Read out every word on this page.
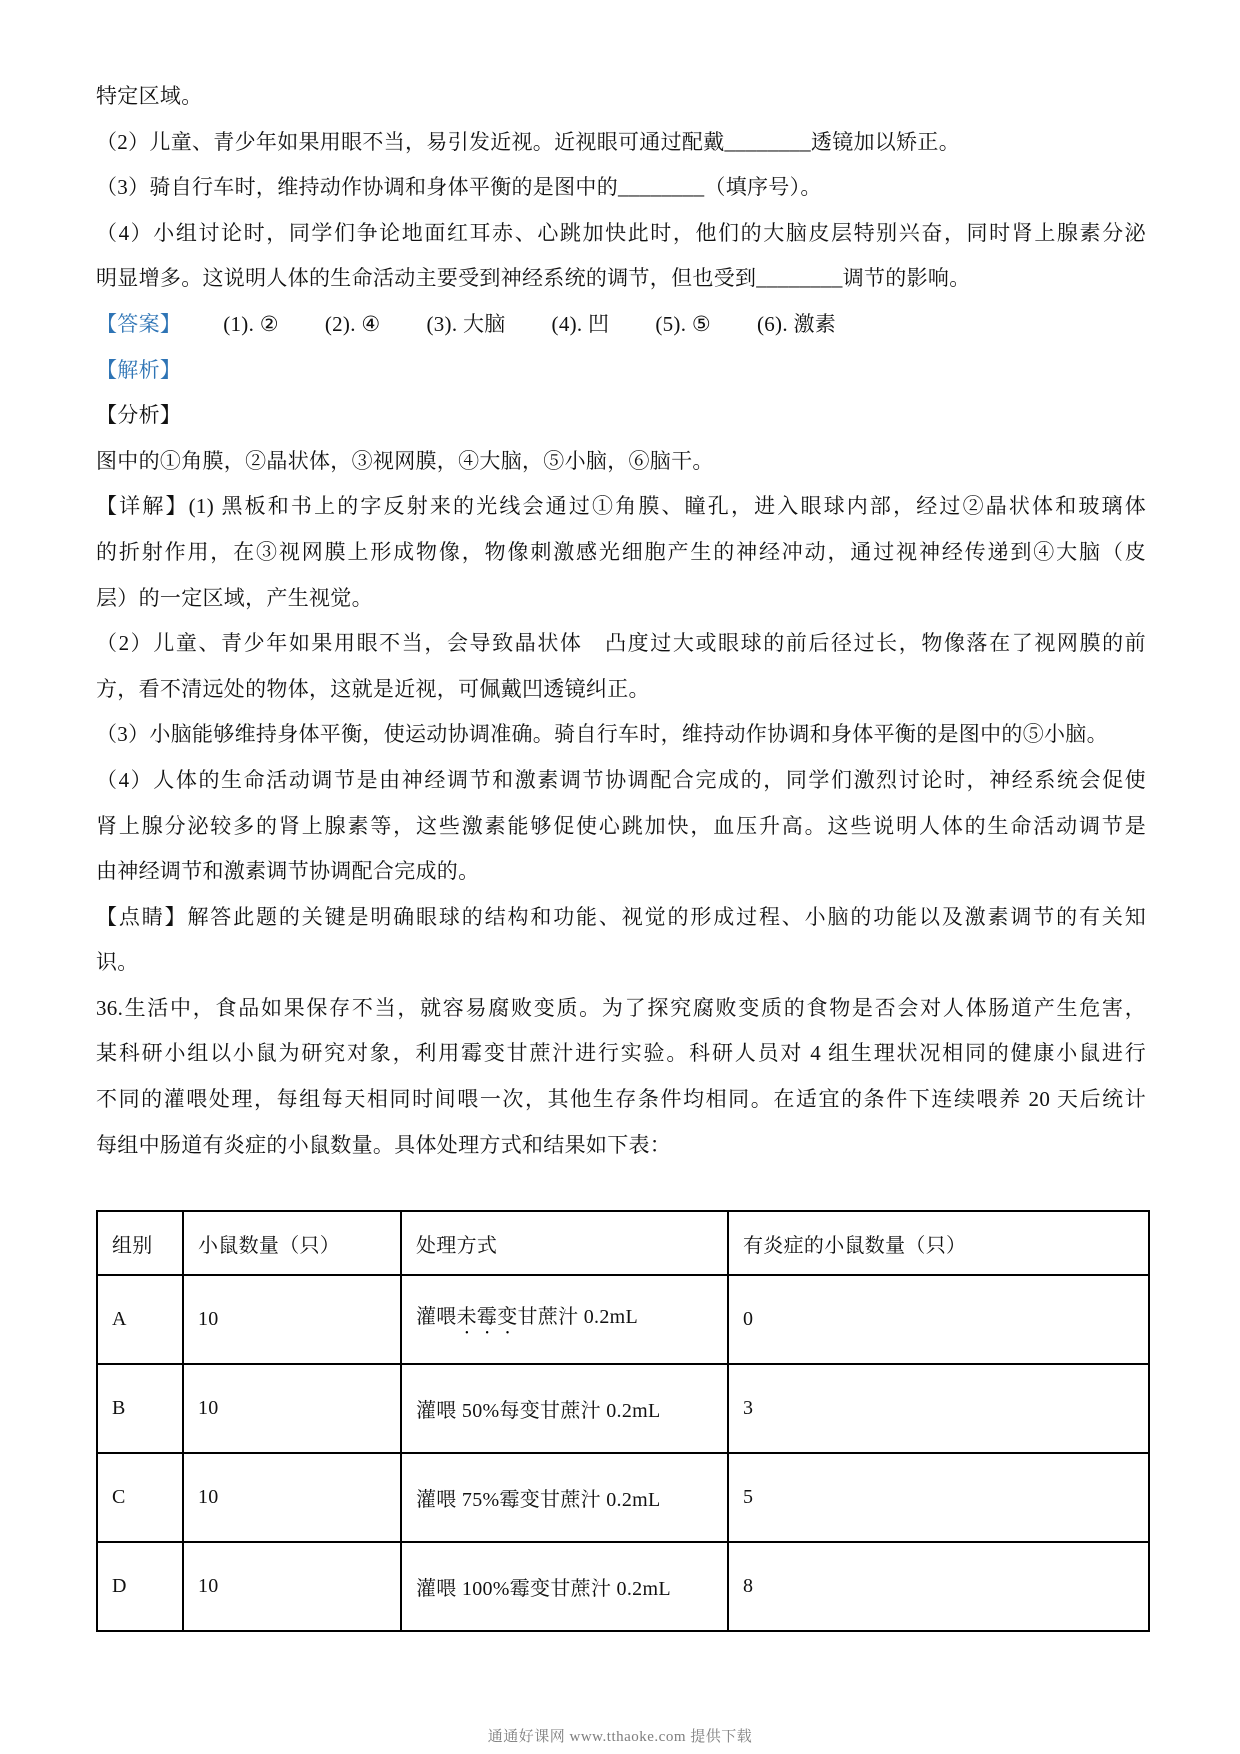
特定区域。
（2）儿童、青少年如果用眼不当，易引发近视。近视眼可通过配戴________透镜加以矫正。
（3）骑自行车时，维持动作协调和身体平衡的是图中的________（填序号）。
（4）小组讨论时，同学们争论地面红耳赤、心跳加快此时，他们的大脑皮层特别兴奋，同时肾上腺素分泌
明显增多。这说明人体的生命活动主要受到神经系统的调节，但也受到________调节的影响。
【答案】 (1). ② (2). ④ (3). 大脑 (4). 凹 (5). ⑤ (6). 激素
【解析】
【分析】
图中的①角膜，②晶状体，③视网膜，④大脑，⑤小脑，⑥脑干。
【详解】(1) 黑板和书上的字反射来的光线会通过①角膜、瞳孔，进入眼球内部，经过②晶状体和玻璃体
的折射作用，在③视网膜上形成物像，物像刺激感光细胞产生的神经冲动，通过视神经传递到④大脑（皮
层）的一定区域，产生视觉。
（2）儿童、青少年如果用眼不当，会导致晶状体　凸度过大或眼球的前后径过长，物像落在了视网膜的前
方，看不清远处的物体，这就是近视，可佩戴凹透镜纠正。
（3）小脑能够维持身体平衡，使运动协调准确。骑自行车时，维持动作协调和身体平衡的是图中的⑤小脑。
（4）人体的生命活动调节是由神经调节和激素调节协调配合完成的，同学们激烈讨论时，神经系统会促使
肾上腺分泌较多的肾上腺素等，这些激素能够促使心跳加快，血压升高。这些说明人体的生命活动调节是
由神经调节和激素调节协调配合完成的。
【点睛】解答此题的关键是明确眼球的结构和功能、视觉的形成过程、小脑的功能以及激素调节的有关知
识。
36.生活中，食品如果保存不当，就容易腐败变质。为了探究腐败变质的食物是否会对人体肠道产生危害，
某科研小组以小鼠为研究对象，利用霉变甘蔗汁进行实验。科研人员对 4 组生理状况相同的健康小鼠进行
不同的灌喂处理，每组每天相同时间喂一次，其他生存条件均相同。在适宜的条件下连续喂养 20 天后统计
每组中肠道有炎症的小鼠数量。具体处理方式和结果如下表：
组别	小鼠数量（只）	处理方式	有炎症的小鼠数量（只）
A	10	灌喂未霉变甘蔗汁 0.2mL	0
B	10	灌喂 50%每变甘蔗汁 0.2mL	3
C	10	灌喂 75%霉变甘蔗汁 0.2mL	5
D	10	灌喂 100%霉变甘蔗汁 0.2mL	8
通通好课网 www.tthaoke.com 提供下载
